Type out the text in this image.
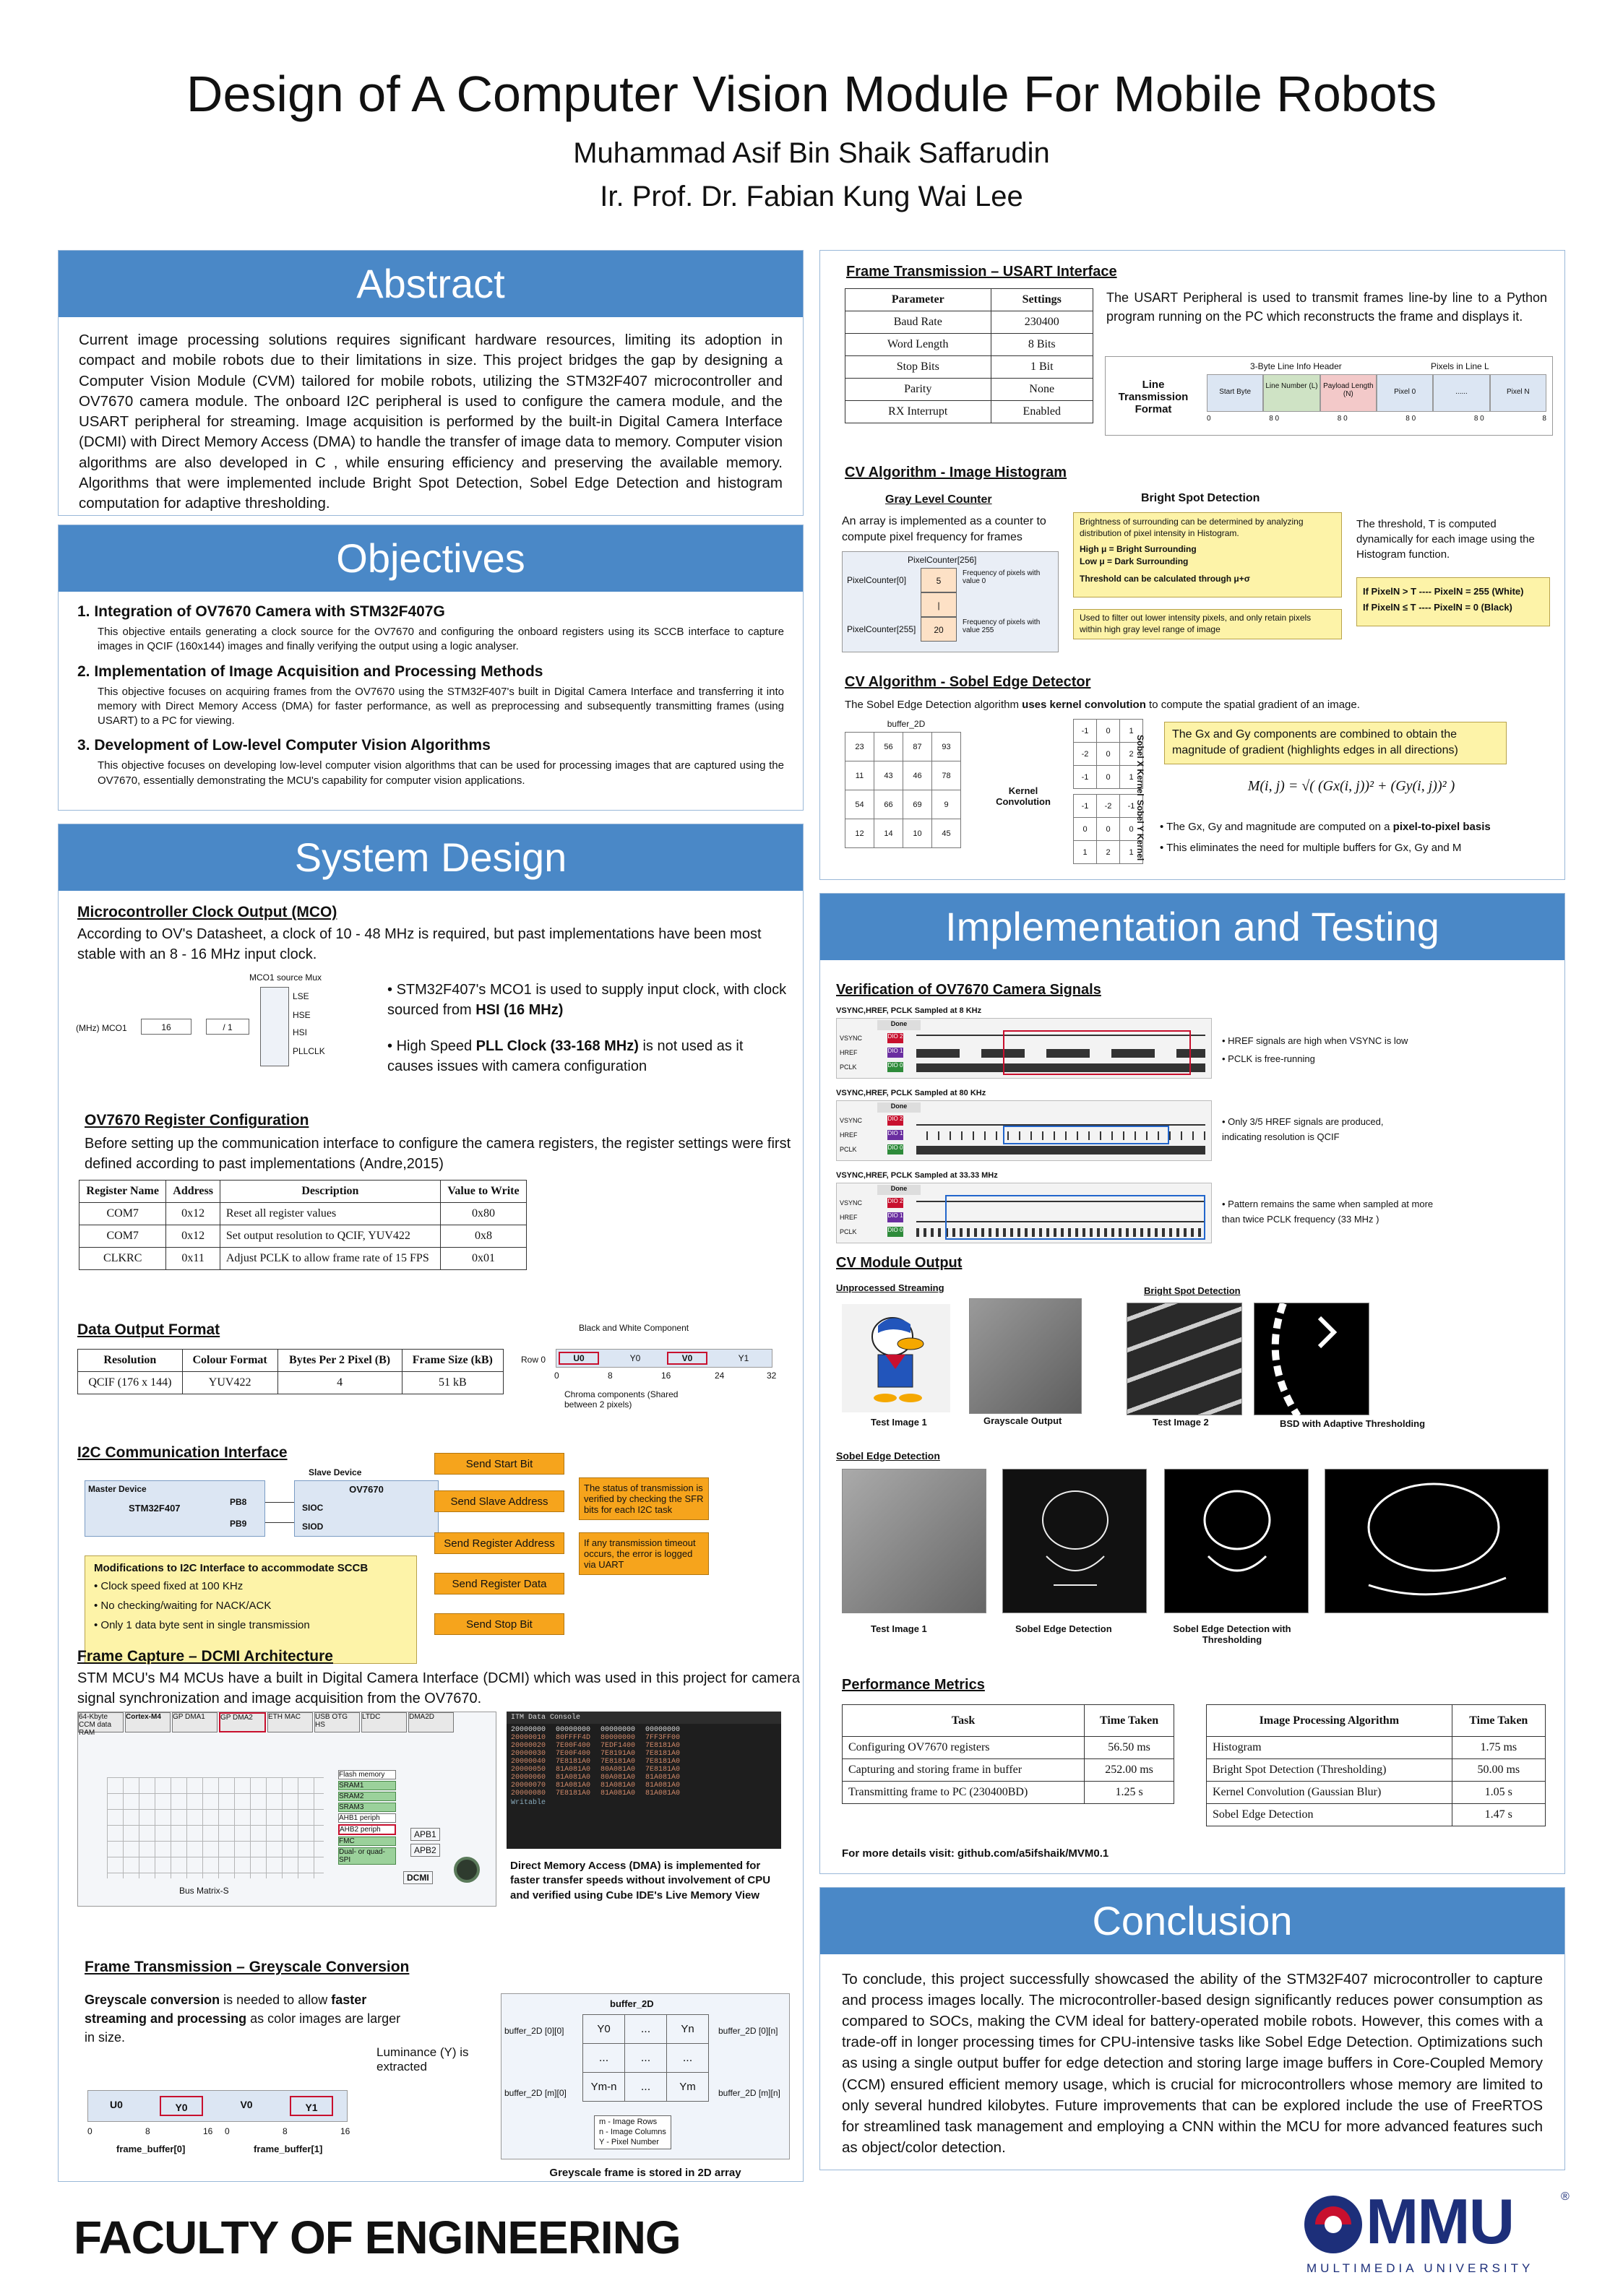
Design of A Computer Vision Module For Mobile Robots
Muhammad Asif Bin Shaik Saffarudin
Ir. Prof. Dr. Fabian Kung Wai Lee
Abstract
Current image processing solutions requires significant hardware resources, limiting its adoption in compact and mobile robots due to their limitations in size. This project bridges the gap by designing a Computer Vision Module (CVM) tailored for mobile robots, utilizing the STM32F407 microcontroller and OV7670 camera module. The onboard I2C peripheral is used to configure the camera module, and the USART peripheral for streaming. Image acquisition is performed by the built-in Digital Camera Interface (DCMI) with Direct Memory Access (DMA) to handle the transfer of image data to memory. Computer vision algorithms are also developed in C , while ensuring efficiency and preserving the available memory. Algorithms that were implemented include Bright Spot Detection, Sobel Edge Detection and histogram computation for adaptive thresholding.
Objectives
1. Integration of OV7670 Camera with STM32F407G
This objective entails generating a clock source for the OV7670 and configuring the onboard registers using its SCCB interface to capture images in QCIF (160x144) images and finally verifying the output using a logic analyser.
2. Implementation of Image Acquisition and Processing Methods
This objective focuses on acquiring frames from the OV7670 using the STM32F407's built in Digital Camera Interface and transferring it into memory with Direct Memory Access (DMA) for faster performance, as well as preprocessing and subsequently transmitting frames (using USART) to a PC for viewing.
3. Development of Low-level Computer Vision Algorithms
This objective focuses on developing low-level computer vision algorithms that can be used for processing images that are captured using the OV7670, essentially demonstrating the MCU's capability for computer vision applications.
System Design
Microcontroller Clock Output (MCO)
According to OV's Datasheet, a clock of 10 - 48 MHz is required, but past implementations have been most stable with an 8 - 16 MHz input clock.
MCO1 source Mux
(MHz) MCO1	16	/ 1
LSE
HSE
HSI
PLLCLK
• STM32F407's MCO1 is used to supply input clock, with clock sourced from HSI (16 MHz)
• High Speed PLL Clock (33-168 MHz) is not used as it causes issues with camera configuration
OV7670 Register Configuration
Before setting up the communication interface to configure the camera registers, the register settings were first defined according to past implementations (Andre,2015)
Register Name	Address	Description	Value to Write
COM7	0x12	Reset all register values	0x80
COM7	0x12	Set output resolution to QCIF, YUV422	0x8
CLKRC	0x11	Adjust PCLK to allow frame rate of 15 FPS	0x01
Data Output Format
Resolution	Colour Format	Bytes Per 2 Pixel (B)	Frame Size (kB)
QCIF (176 x 144)	YUV422	4	51 kB
Black and White Component
Row 0	U0	Y0	V0	Y1
0	8	16	24	32
Chroma components (Shared between 2 pixels)
I2C Communication Interface
Slave Device
Master Device
STM32F407
PB8
PB9
OV7670
SIOC
SIOD
Modifications to I2C Interface to accommodate SCCB
• Clock speed fixed at 100 KHz
• No checking/waiting for NACK/ACK
• Only 1 data byte sent in single transmission
Send Start Bit
Send Slave Address
Send Register Address
Send Register Data
Send Stop Bit
The status of transmission is verified by checking the SFR bits for each I2C task
If any transmission timeout occurs, the error is logged via UART
Frame Capture – DCMI Architecture
STM MCU's M4 MCUs have a built in Digital Camera Interface (DCMI) which was used in this project for camera signal synchronization and image acquisition from the OV7670.
64-Kbyte CCM data RAM
Cortex-M4	GP DMA1	GP DMA2	ETH MAC	USB OTG HS
LTDC	DMA2D
Bus Matrix-S
Flash memory
SRAM1
SRAM2
SRAM3
AHB1 periph
AHB2 periph
FMC
Dual- or quad-SPI
APB1
APB2
DCMI
ITM Data Console
20000000 00000000 00000000 00000000
20000010 80FFFF4D 80000000 7FF3FF00
20000020 7E00F400 7EDF1400 7E8181A0
20000030 7E00F400 7E8191A0 7E8181A0
20000040 7E8181A0 7E8181A0 7E8181A0
20000050 81A081A0 80A081A0 7E8181A0
20000060 81A081A0 80A081A0 81A081A0
20000070 81A081A0 81A081A0 81A081A0
20000080 7E8181A0 81A081A0 81A081A0
Writable
Direct Memory Access (DMA) is implemented for faster transfer speeds without involvement of CPU and verified using Cube IDE's Live Memory View
Frame Transmission – Greyscale Conversion
Greyscale conversion is needed to allow faster streaming and processing as color images are larger in size.
Luminance (Y) is extracted
U0	Y0	V0	Y1
0	8	16 0	8	16
frame_buffer[0]	frame_buffer[1]
buffer_2D
buffer_2D [0][0]	buffer_2D [0][n]
buffer_2D [m][0]	buffer_2D [m][n]
Y0	...	Yn
...	...	...
Ym-n	...	Ym
m - Image Rows
n - Image Columns
Y - Pixel Number
Greyscale frame is stored in 2D array
Frame Transmission – USART Interface
Parameter	Settings
Baud Rate	230400
Word Length	8 Bits
Stop Bits	1 Bit
Parity	None
RX Interrupt	Enabled
The USART Peripheral is used to transmit frames line-by line to a Python program running on the PC which reconstructs the frame and displays it.
Line Transmission Format
3-Byte Line Info Header	Pixels in Line L
Start Byte
Line Number (L) Payload Length (N)	Pixel 0	......	Pixel N
0	8 0	8 0	8 0	8 0	8
CV Algorithm - Image Histogram
Gray Level Counter
An array is implemented as a counter to compute pixel frequency for frames
PixelCounter[256]
PixelCounter[0]	5
Frequency of pixels with value 0
|
PixelCounter[255]	20
Frequency of pixels with value 255
Bright Spot Detection
Brightness of surrounding can be determined by analyzing distribution of pixel intensity in Histogram.
High μ = Bright Surrounding
Low μ = Dark Surrounding
Threshold can be calculated through μ+σ
Used to filter out lower intensity pixels, and only retain pixels within high gray level range of image
The threshold, T is computed dynamically for each image using the Histogram function.
If PixelN > T ---- PixelN = 255 (White)
If PixelN ≤ T ---- PixelN = 0 (Black)
CV Algorithm - Sobel Edge Detector
The Sobel Edge Detection algorithm uses kernel convolution to compute the spatial gradient of an image.
buffer_2D
23	56	87	93
11	43	46	78
54	66	69	9
12	14	10	45
Kernel Convolution
-1	0	1
-2	0	2
-1	0	1
-1	-2	-1
0	0	0
1	2	1
Sobel X Kernel
Sobel Y Kernel
The Gx and Gy components are combined to obtain the magnitude of gradient (highlights edges in all directions)
M(i, j) = √( (Gx(i, j))² + (Gy(i, j))² )
• The Gx, Gy and magnitude are computed on a pixel-to-pixel basis
• This eliminates the need for multiple buffers for Gx, Gy and M
Implementation and Testing
Verification of OV7670 Camera Signals
VSYNC,HREF, PCLK Sampled at 8 KHz
Done
VSYNC
HREF
PCLK
DIO 2
DIO 1
DIO 0
• HREF signals are high when VSYNC is low
• PCLK is free-running
VSYNC,HREF, PCLK Sampled at 80 KHz
Done
VSYNC
HREF
PCLK
DIO 2
DIO 1
DIO 0
• Only 3/5 HREF signals are produced, indicating resolution is QCIF
VSYNC,HREF, PCLK Sampled at 33.33 MHz
Done
VSYNC
HREF
PCLK
DIO 2
DIO 1
DIO 0
• Pattern remains the same when sampled at more than twice PCLK frequency (33 MHz )
CV Module Output
Unprocessed Streaming	Bright Spot Detection
Test Image 1	Grayscale Output	Test Image 2	BSD with Adaptive Thresholding
Sobel Edge Detection
Test Image 1	Sobel Edge Detection	Sobel Edge Detection with Thresholding
Performance Metrics
Task	Time Taken
Configuring OV7670 registers	56.50 ms
Capturing and storing frame in buffer	252.00 ms
Transmitting frame to PC (230400BD)	1.25 s
Image Processing Algorithm	Time Taken
Histogram	1.75 ms
Bright Spot Detection (Thresholding)	50.00 ms
Kernel Convolution (Gaussian Blur)	1.05 s
Sobel Edge Detection	1.47 s
For more details visit: github.com/a5ifshaik/MVM0.1
Conclusion
To conclude, this project successfully showcased the ability of the STM32F407 microcontroller to capture and process images locally. The microcontroller-based design significantly reduces power consumption as compared to SOCs, making the CVM ideal for battery-operated mobile robots. However, this comes with a trade-off in longer processing times for CPU-intensive tasks like Sobel Edge Detection. Optimizations such as using a single output buffer for edge detection and storing large image buffers in Core-Coupled Memory (CCM) ensured efficient memory usage, which is crucial for microcontrollers whose memory are limited to only several hundred kilobytes. Future improvements that can be explored include the use of FreeRTOS for streamlined task management and employing a CNN within the MCU for more advanced features such as object/color detection.
FACULTY OF ENGINEERING	MMU	®
MULTIMEDIA UNIVERSITY
